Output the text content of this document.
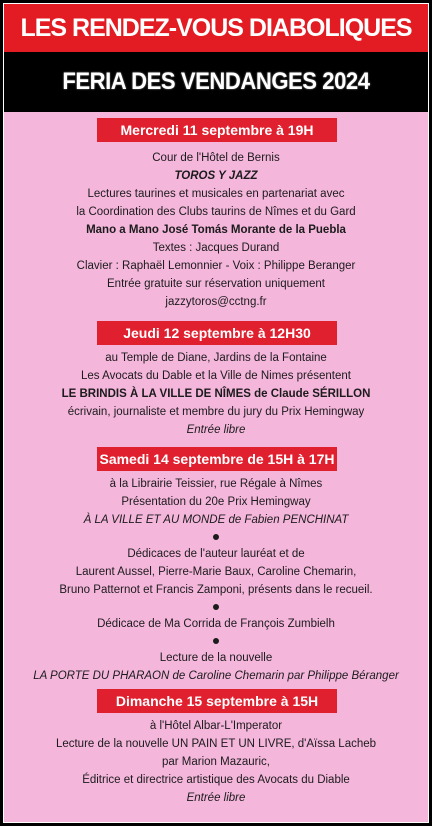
LES RENDEZ-VOUS DIABOLIQUES
FERIA DES VENDANGES 2024
Mercredi 11 septembre à 19H
Cour de l'Hôtel de Bernis
TOROS Y JAZZ
Lectures taurines et musicales en partenariat avec
la Coordination des Clubs taurins de Nîmes et du Gard
Mano a Mano José Tomás Morante de la Puebla
Textes : Jacques Durand
Clavier : Raphaël Lemonnier - Voix : Philippe Beranger
Entrée gratuite sur réservation uniquement
jazzytoros@cctng.fr
Jeudi 12 septembre à 12H30
au Temple de Diane, Jardins de la Fontaine
Les Avocats du Dable et la Ville de Nimes présentent
LE BRINDIS À LA VILLE DE NÎMES de Claude SÉRILLON
écrivain, journaliste et membre du jury du Prix Hemingway
Entrée libre
Samedi 14 septembre de 15H à 17H
à la Librairie Teissier, rue Régale à Nîmes
Présentation du 20e Prix Hemingway
À LA VILLE ET AU MONDE de Fabien PENCHINAT
Dédicaces de l'auteur lauréat et de
Laurent Aussel, Pierre-Marie Baux, Caroline Chemarin,
Bruno Patternot et Francis Zamponi, présents dans le recueil.
Dédicace de Ma Corrida de François Zumbielh
Lecture de la nouvelle
LA PORTE DU PHARAON de Caroline Chemarin par Philippe Béranger
Dimanche 15 septembre à 15H
à l'Hôtel Albar-L'Imperator
Lecture de la nouvelle UN PAIN ET UN LIVRE, d'Aïssa Lacheb
par Marion Mazauric,
Éditrice et directrice artistique des Avocats du Diable
Entrée libre
